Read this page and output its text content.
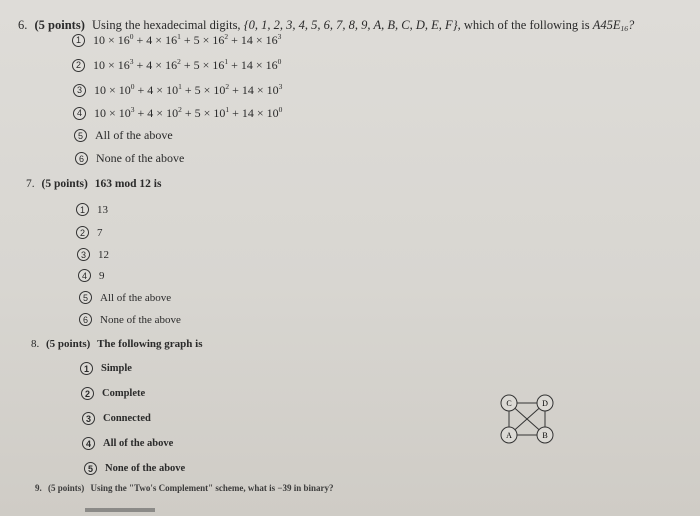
6. (5 points) Using the hexadecimal digits, {0, 1, 2, 3, 4, 5, 6, 7, 8, 9, A, B, C, D, E, F}, which of the following is $A45E_{16}$?
1	$10 \times 16^0 + 4 \times 16^1 + 5 \times 16^2 + 14 \times 16^3$
2	$10 \times 16^3 + 4 \times 16^2 + 5 \times 16^1 + 14 \times 16^0$
3	$10 \times 10^0 + 4 \times 10^1 + 5 \times 10^2 + 14 \times 10^3$
4	$10 \times 10^3 + 4 \times 10^2 + 5 \times 10^1 + 14 \times 10^0$
5	All of the above
6	None of the above
7. (5 points) 163 mod 12 is
1	13
2	7
3	12
4	9
5	All of the above
6	None of the above
8. (5 points) The following graph is
1	Simple
2	Complete
3	Connected
4	All of the above
5	None of the above
C	D
A	B
9. (5 points) Using the "Two's Complement" scheme, what is −39 in binary?
